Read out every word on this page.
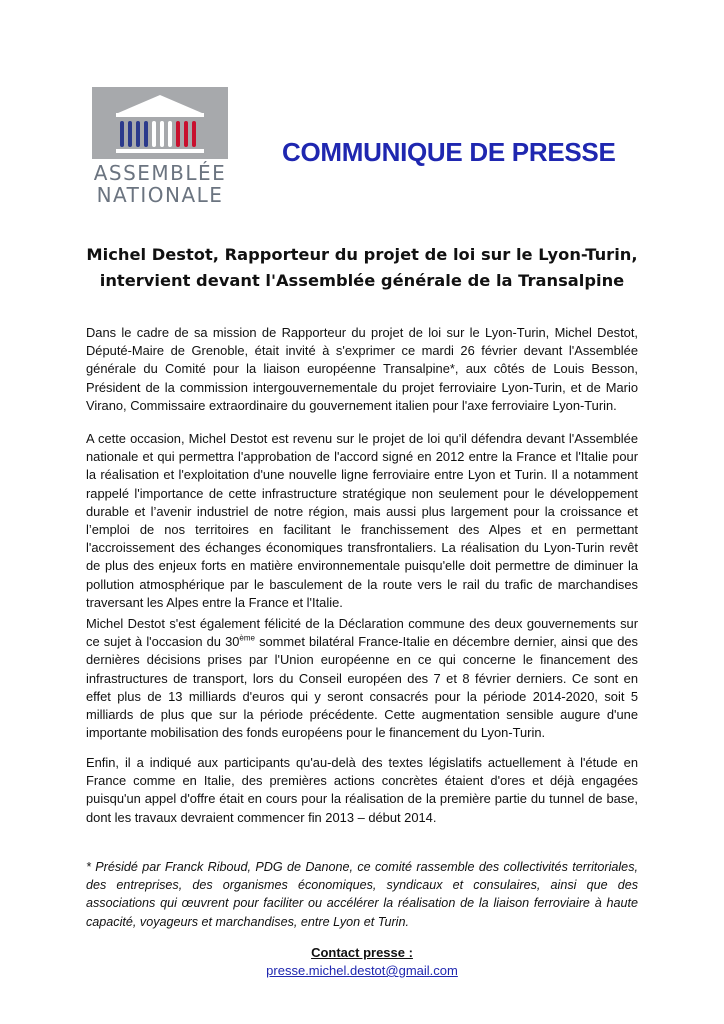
ASSEMBLÉE
NATIONALE
COMMUNIQUE DE PRESSE
Michel Destot, Rapporteur du projet de loi sur le Lyon-Turin,
intervient devant l'Assemblée générale de la Transalpine

Dans le cadre de sa mission de Rapporteur du projet de loi sur le Lyon-Turin, Michel Destot, Député-Maire de Grenoble, était invité à s'exprimer ce mardi 26 février devant l'Assemblée générale du Comité pour la liaison européenne Transalpine*, aux côtés de Louis Besson, Président de la commission intergouvernementale du projet ferroviaire Lyon-Turin, et de Mario Virano, Commissaire extraordinaire du gouvernement italien pour l'axe ferroviaire Lyon-Turin.

A cette occasion, Michel Destot est revenu sur le projet de loi qu'il défendra devant l'Assemblée nationale et qui permettra l'approbation de l'accord signé en 2012 entre la France et l'Italie pour la réalisation et l'exploitation d'une nouvelle ligne ferroviaire entre Lyon et Turin. Il a notamment rappelé l'importance de cette infrastructure stratégique non seulement pour le développement durable et l’avenir industriel de notre région, mais aussi plus largement pour la croissance et l’emploi de nos territoires en facilitant le franchissement des Alpes et en permettant l'accroissement des échanges économiques transfrontaliers. La réalisation du Lyon-Turin revêt de plus des enjeux forts en matière environnementale puisqu'elle doit permettre de diminuer la pollution atmosphérique par le basculement de la route vers le rail du trafic de marchandises traversant les Alpes entre la France et l'Italie.

Michel Destot s'est également félicité de la Déclaration commune des deux gouvernements sur ce sujet à l'occasion du 30ème sommet bilatéral France-Italie en décembre dernier, ainsi que des dernières décisions prises par l'Union européenne en ce qui concerne le financement des infrastructures de transport, lors du Conseil européen des 7 et 8 février derniers. Ce sont en effet plus de 13 milliards d'euros qui y seront consacrés pour la période 2014-2020, soit 5 milliards de plus que sur la période précédente. Cette augmentation sensible augure d'une importante mobilisation des fonds européens pour le financement du Lyon-Turin.

Enfin, il a indiqué aux participants qu'au-delà des textes législatifs actuellement à l'étude en France comme en Italie, des premières actions concrètes étaient d'ores et déjà engagées puisqu'un appel d'offre était en cours pour la réalisation de la première partie du tunnel de base, dont les travaux devraient commencer fin 2013 – début 2014.

* Présidé par Franck Riboud, PDG de Danone, ce comité rassemble des collectivités territoriales, des entreprises, des organismes économiques, syndicaux et consulaires, ainsi que des associations qui œuvrent pour faciliter ou accélérer la réalisation de la liaison ferroviaire à haute capacité, voyageurs et marchandises, entre Lyon et Turin.

Contact presse :
presse.michel.destot@gmail.com
